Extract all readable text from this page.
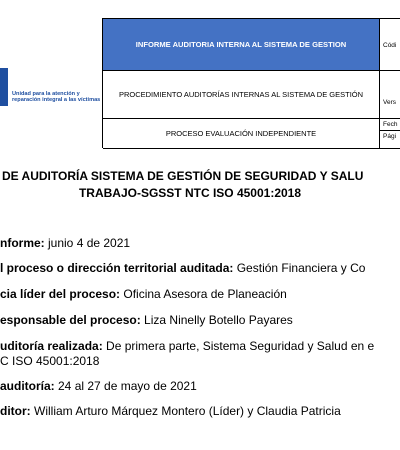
Unidad para la atención y reparación integral a las víctimas
INFORME AUDITORIA INTERNA AL SISTEMA DE GESTION	Códi
PROCEDIMIENTO AUDITORÍAS INTERNAS AL SISTEMA DE GESTIÓN
Vers
PROCESO EVALUACIÓN INDEPENDIENTE
Fech
Pági
DE AUDITORÍA SISTEMA DE GESTIÓN DE SEGURIDAD Y SALU
TRABAJO-SGSST NTC ISO 45001:2018
nforme: junio 4 de 2021
l proceso o dirección territorial auditada: Gestión Financiera y Co
cia líder del proceso: Oficina Asesora de Planeación
esponsable del proceso: Liza Ninelly Botello Payares
uditoría realizada: De primera parte, Sistema Seguridad y Salud en e
C ISO 45001:2018
auditoría: 24 al 27 de mayo de 2021
ditor: William Arturo Márquez Montero (Líder) y Claudia Patricia
